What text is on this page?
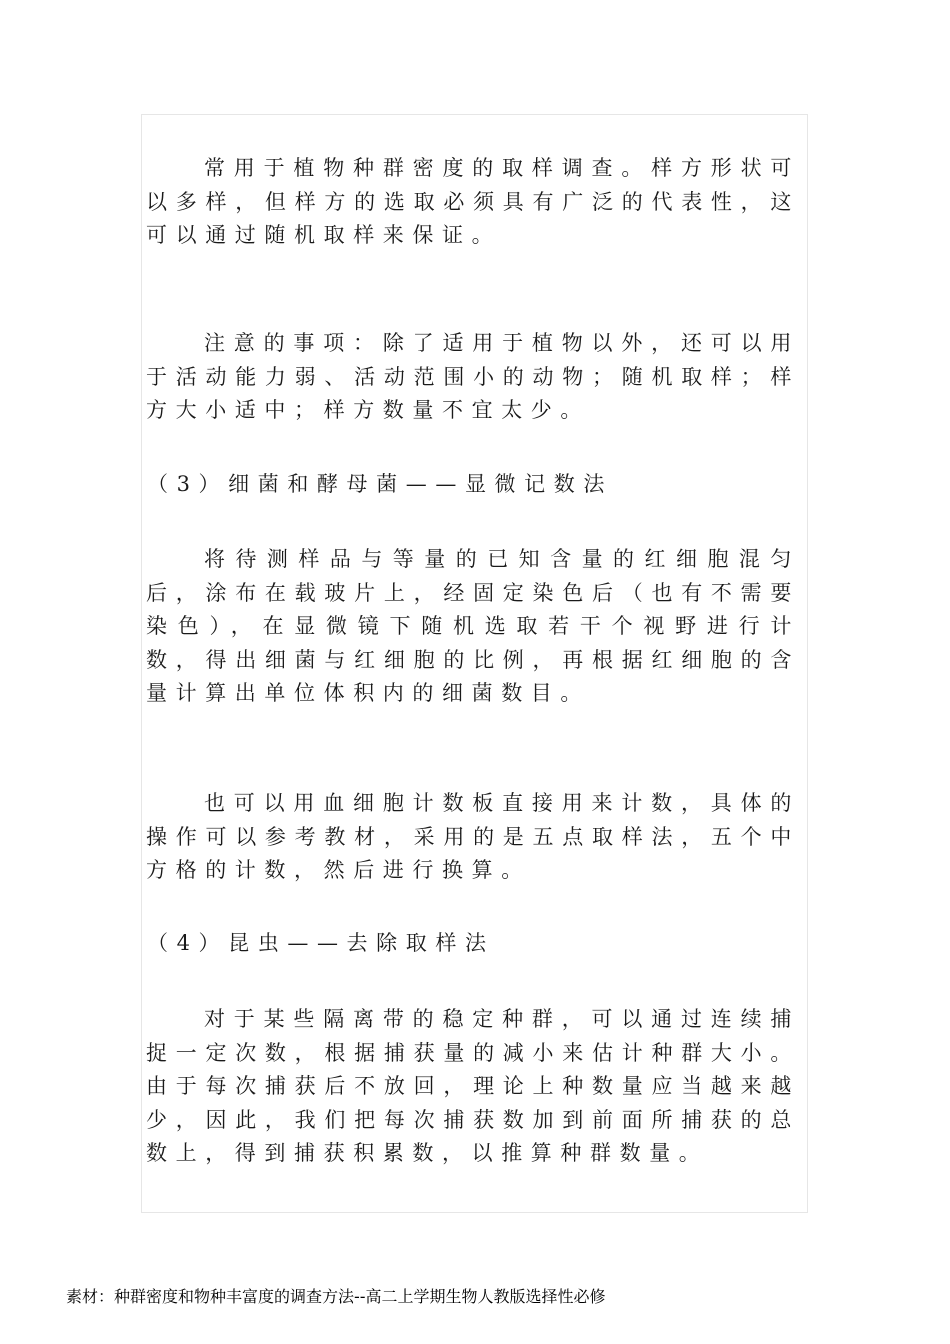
常用于植物种群密度的取样调查。样方形状可以多样，但样方的选取必须具有广泛的代表性，这可以通过随机取样来保证。

注意的事项：除了适用于植物以外，还可以用于活动能力弱、活动范围小的动物；随机取样；样方大小适中；样方数量不宜太少。

（3）细菌和酵母菌——显微记数法

将待测样品与等量的已知含量的红细胞混匀后，涂布在载玻片上，经固定染色后（也有不需要染色），在显微镜下随机选取若干个视野进行计数，得出细菌与红细胞的比例，再根据红细胞的含量计算出单位体积内的细菌数目。

也可以用血细胞计数板直接用来计数，具体的操作可以参考教材，采用的是五点取样法，五个中方格的计数，然后进行换算。

（4）昆虫——去除取样法

对于某些隔离带的稳定种群，可以通过连续捕捉一定次数，根据捕获量的减小来估计种群大小。由于每次捕获后不放回，理论上种数量应当越来越少，因此，我们把每次捕获数加到前面所捕获的总数上，得到捕获积累数，以推算种群数量。

素材：种群密度和物种丰富度的调查方法--高二上学期生物人教版选择性必修
